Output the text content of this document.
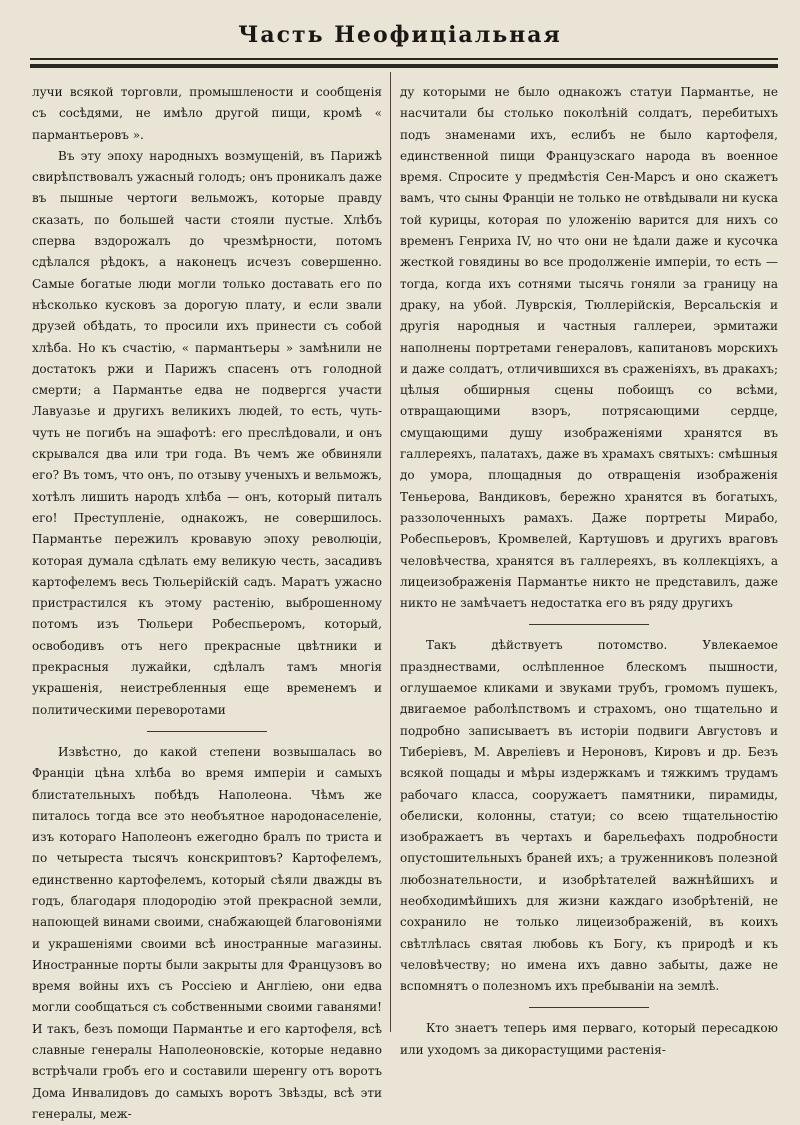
Часть Неофиціальная

лучи всякой торговли, промышлености и сообщенія съ сосѣдями, не имѣло другой пищи, кромѣ « пармантьеровъ ».

Въ эту эпоху народныхъ возмущеній, въ Парижѣ свирѣпствовалъ ужасный голодъ; онъ проникалъ даже въ пышные чертоги вельможъ, которые правду сказать, по большей части стояли пустые. Хлѣбъ сперва вздорожалъ до чрезмѣрности, потомъ сдѣлался рѣдокъ, а наконецъ исчезъ совершенно. Самые богатые люди могли только доставать его по нѣсколько кусковъ за дорогую плату, и если звали друзей обѣдать, то просили ихъ принести съ собой хлѣба. Но къ счастію, « пармантьеры » замѣнили не достатокъ ржи и Парижъ спасенъ отъ голодной смерти; а Пармантье едва не подвергся участи Лавуазье и другихъ великихъ людей, то есть, чуть-чуть не погибъ на эшафотѣ: его преслѣдовали, и онъ скрывался два или три года. Въ чемъ же обвиняли его? Въ томъ, что онъ, по отзыву ученыхъ и вельможъ, хотѣлъ лишить народъ хлѣба — онъ, который питалъ его! Преступленіе, однакожъ, не совершилось. Пармантье пережилъ кровавую эпоху революціи, которая думала сдѣлать ему великую честь, засадивъ картофелемъ весь Тюльерійскій садъ. Маратъ ужасно пристрастился къ этому растенію, выброшенному потомъ изъ Тюльери Робеспьеромъ, который, освободивъ отъ него прекрасные цвѣтники и прекрасныя лужайки, сдѣлалъ тамъ многія украшенія, неистребленныя еще временемъ и политическими переворотами

Извѣстно, до какой степени возвышалась во Франціи цѣна хлѣба во время имперіи и самыхъ блистательныхъ побѣдъ Наполеона. Чѣмъ же питалось тогда все это необъятное народонаселеніе, изъ котораго Наполеонъ ежегодно бралъ по триста и по четыреста тысячъ конскриптовъ? Картофелемъ, единственно картофелемъ, который сѣяли дважды въ годъ, благодаря плодородію этой прекрасной земли, напоющей винами своими, снабжающей благовоніями и украшеніями своими всѣ иностранные магазины. Иностранные порты были закрыты для Французовъ во время войны ихъ съ Россіею и Англіею, они едва могли сообщаться съ собственными своими гаванями! И такъ, безъ помощи Пармантье и его картофеля, всѣ славные генералы Наполеоновскіе, которые недавно встрѣчали гробъ его и составили шеренгу отъ воротъ Дома Инвалидовъ до самыхъ воротъ Звѣзды, всѣ эти генералы, меж-

ду которыми не было однакожъ статуи Пармантье, не насчитали бы столько поколѣній солдатъ, перебитыхъ подъ знаменами ихъ, еслибъ не было картофеля, единственной пищи Французскаго народа въ военное время. Спросите у предмѣстія Сен-Марсъ и оно скажетъ вамъ, что сыны Франціи не только не отвѣдывали ни куска той курицы, которая по уложенію варится для нихъ со временъ Генриха IV, но что они не ѣдали даже и кусочка жесткой говядины во все продолженіе имперіи, то есть — тогда, когда ихъ сотнями тысячь гоняли за границу на драку, на убой. Луврскія, Тюллерійскія, Версальскія и другія народныя и частныя галлереи, эрмитажи наполнены портретами генераловъ, капитановъ морскихъ и даже солдатъ, отличившихся въ сраженіяхъ, въ дракахъ; цѣлыя обширныя сцены побоищъ со всѣми, отвращающими взоръ, потрясающими сердце, смущающими душу изображеніями хранятся въ галлереяхъ, палатахъ, даже въ храмахъ святыхъ: смѣшныя до умора, площадныя до отвращенія изображенія Теньерова, Вандиковъ, бережно хранятся въ богатыхъ, раззолоченныхъ рамахъ. Даже портреты Мирабо, Робеспьеровъ, Кромвелей, Картушовъ и другихъ враговъ человѣчества, хранятся въ галлереяхъ, въ коллекціяхъ, а лицеизображенія Пармантье никто не представилъ, даже никто не замѣчаетъ недостатка его въ ряду другихъ

Такъ дѣйствуетъ потомство. Увлекаемое празднествами, ослѣпленное блескомъ пышности, оглушаемое кликами и звуками трубъ, громомъ пушекъ, двигаемое раболѣпствомъ и страхомъ, оно тщательно и подробно записываетъ въ исторіи подвиги Августовъ и Тиберіевъ, М. Авреліевъ и Нероновъ, Кировъ и др. Безъ всякой пощады и мѣры издержкамъ и тяжкимъ трудамъ рабочаго класса, сооружаетъ памятники, пирамиды, обелиски, колонны, статуи; со всею тщательностію изображаетъ въ чертахъ и барельефахъ подробности опустошительныхъ браней ихъ; а труженниковъ полезной любознательности, и изобрѣтателей важнѣйшихъ и необходимѣйшихъ для жизни каждаго изобрѣтеній, не сохранило не только лицеизображеній, въ коихъ свѣтлѣлась святая любовь къ Богу, къ природѣ и къ человѣчеству; но имена ихъ давно забыты, даже не вспомнятъ о полезномъ ихъ пребываніи на землѣ.

Кто знаетъ теперь имя перваго, который пересадкою или уходомъ за дикорастущими растенія-
